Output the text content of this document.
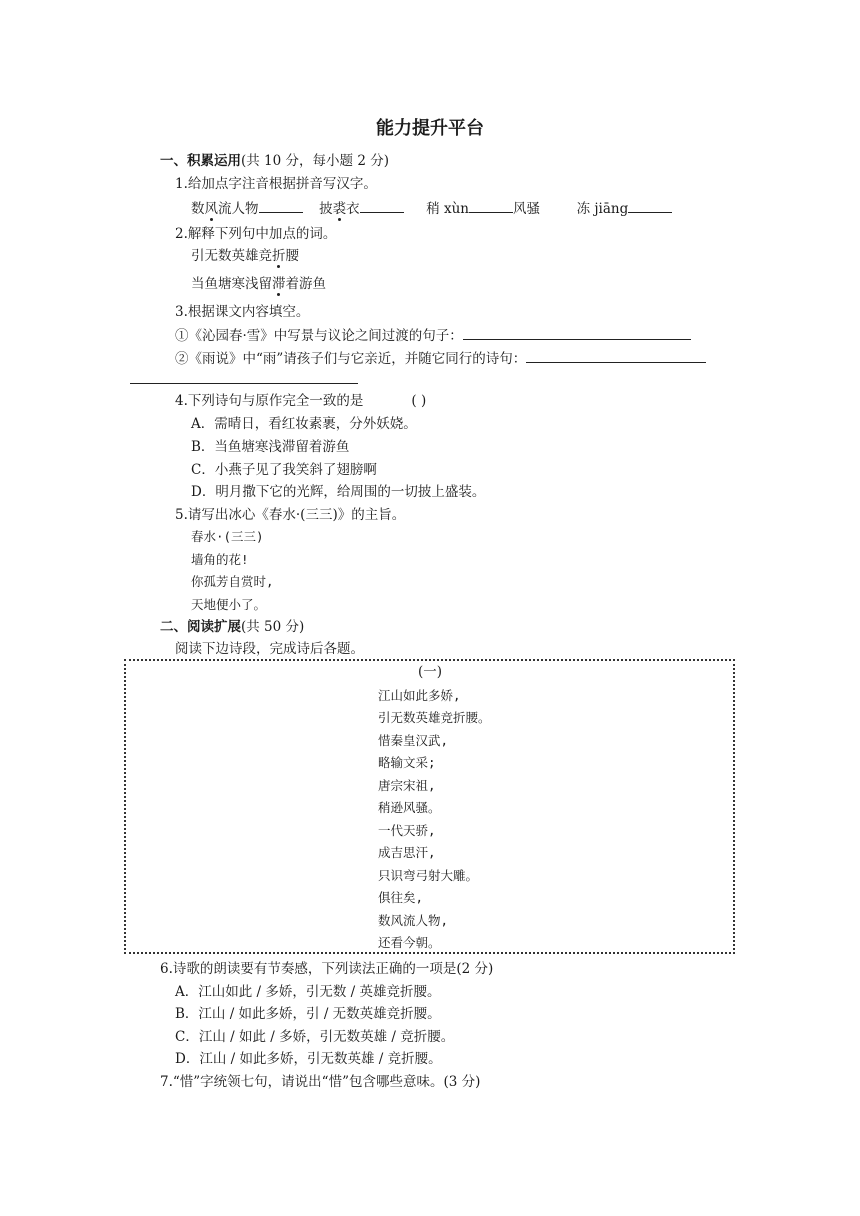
能力提升平台
一、积累运用(共 10 分，每小题 2 分)
1.给加点字注音根据拼音写汉字。
数风流人物	披裘衣	稍 xùn	风骚	冻 jiāng
2.解释下列句中加点的词。
引无数英雄竞折腰
当鱼塘寒浅留滞着游鱼
3.根据课文内容填空。
①《沁园春·雪》中写景与议论之间过渡的句子：
②《雨说》中“雨”请孩子们与它亲近，并随它同行的诗句：
4.下列诗句与原作完全一致的是	( )
A．需晴日，看红妆素裹，分外妖娆。
B．当鱼塘寒浅滞留着游鱼
C．小燕子见了我笑斜了翅膀啊
D．明月撒下它的光辉，给周围的一切披上盛装。
5.请写出冰心《春水·(三三)》的主旨。
春水·(三三)
墙角的花!
你孤芳自赏时,
天地便小了。
二、阅读扩展(共 50 分)
阅读下边诗段，完成诗后各题。
(一)
江山如此多娇,
引无数英雄竞折腰。
惜秦皇汉武,
略输文采;
唐宗宋祖,
稍逊风骚。
一代天骄,
成吉思汗,
只识弯弓射大雕。
俱往矣,
数风流人物,
还看今朝。
6.诗歌的朗读要有节奏感，下列读法正确的一项是(2 分)
A．江山如此 / 多娇，引无数 / 英雄竞折腰。
B．江山 / 如此多娇，引 / 无数英雄竞折腰。
C．江山 / 如此 / 多娇，引无数英雄 / 竞折腰。
D．江山 / 如此多娇，引无数英雄 / 竞折腰。
7.“惜”字统领七句，请说出“惜”包含哪些意味。(3 分)
